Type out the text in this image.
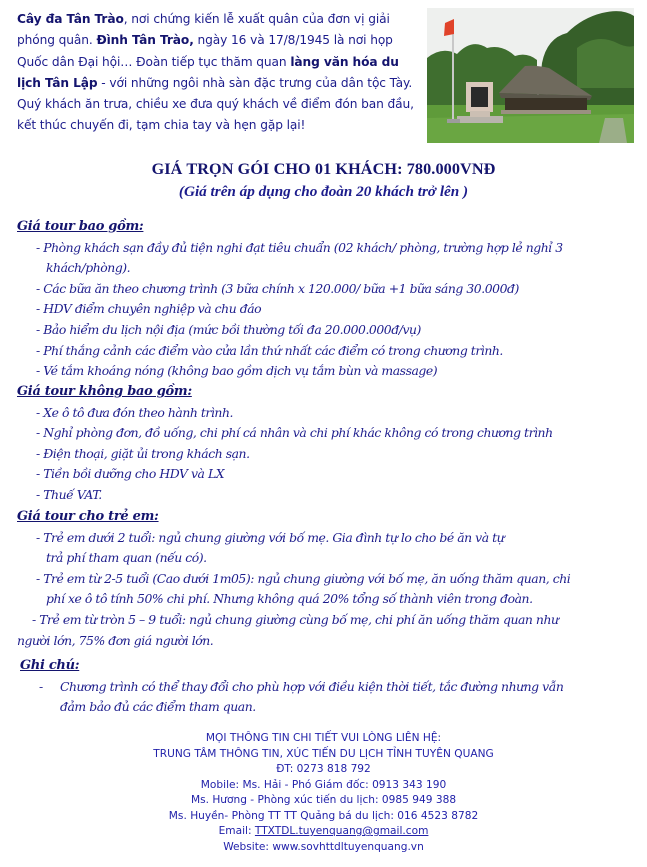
Cây đa Tân Trào, nơi chứng kiến lễ xuất quân của đơn vị giải phóng quân. Đình Tân Trào, ngày 16 và 17/8/1945 là nơi họp Quốc dân Đại hội… Đoàn tiếp tục thăm quan làng văn hóa du lịch Tân Lập - với những ngôi nhà sàn đặc trưng của dân tộc Tày. Quý khách ăn trưa, chiều xe đưa quý khách về điểm đón ban đầu, kết thúc chuyến đi, tạm chia tay và hẹn gặp lại!
GIÁ TRỌN GÓI CHO 01 KHÁCH: 780.000VNĐ
(Giá trên áp dụng cho đoàn 20 khách trở lên )
Giá tour bao gồm:
- Phòng khách sạn đầy đủ tiện nghi đạt tiêu chuẩn (02 khách/ phòng, trường hợp lẻ nghỉ 3
khách/phòng).
- Các bữa ăn theo chương trình (3 bữa chính x 120.000/ bữa +1 bữa sáng 30.000đ)
- HDV điểm chuyên nghiệp và chu đáo
- Bảo hiểm du lịch nội địa (mức bồi thường tối đa 20.000.000đ/vụ)
- Phí thắng cảnh các điểm vào cửa lần thứ nhất các điểm có trong chương trình.
- Vé tắm khoáng nóng (không bao gồm dịch vụ tắm bùn và massage)
Giá tour không bao gồm:
- Xe ô tô đưa đón theo hành trình.
- Nghỉ phòng đơn, đồ uống, chi phí cá nhân và chi phí khác không có trong chương trình
- Điện thoại, giặt ủi trong khách sạn.
- Tiền bồi dưỡng cho HDV và LX
- Thuế VAT.
Giá tour cho trẻ em:
- Trẻ em dưới 2 tuổi: ngủ chung giường với bố mẹ. Gia đình tự lo cho bé ăn và tự
trả phí tham quan (nếu có).
- Trẻ em từ 2-5 tuổi (Cao dưới 1m05): ngủ chung giường với bố mẹ, ăn uống thăm quan, chi
phí xe ô tô tính 50% chi phí. Nhưng không quá 20% tổng số thành viên trong đoàn.
- Trẻ em từ tròn 5 – 9 tuổi: ngủ chung giường cùng bố mẹ, chi phí ăn uống thăm quan như
người lớn, 75% đơn giá người lớn.
Ghi chú:
- Chương trình có thể thay đổi cho phù hợp với điều kiện thời tiết, tắc đường nhưng vẫn
đảm bảo đủ các điểm tham quan.
MỌI THÔNG TIN CHI TIẾT VUI LÒNG LIÊN HỆ:
TRUNG TÂM THÔNG TIN, XÚC TIẾN DU LỊCH TỈNH TUYÊN QUANG
ĐT: 0273 818 792
Mobile: Ms. Hải - Phó Giám đốc: 0913 343 190
Ms. Hương - Phòng xúc tiến du lịch: 0985 949 388
Ms. Huyền- Phòng TT TT Quảng bá du lịch: 016 4523 8782
Email: TTXTDL.tuyenquang@gmail.com
Website: www.sovhttdltuyenquang.vn
